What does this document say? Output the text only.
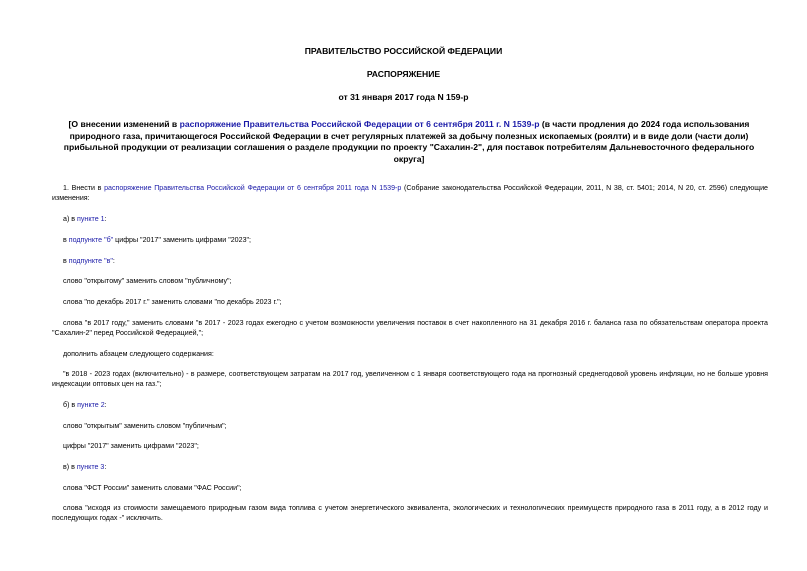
ПРАВИТЕЛЬСТВО РОССИЙСКОЙ ФЕДЕРАЦИИ
РАСПОРЯЖЕНИЕ
от 31 января 2017 года N 159-р
[О внесении изменений в распоряжение Правительства Российской Федерации от 6 сентября 2011 г. N 1539-р (в части продления до 2024 года использования природного газа, причитающегося Российской Федерации в счет регулярных платежей за добычу полезных ископаемых (роялти) и в виде доли (части доли) прибыльной продукции от реализации соглашения о разделе продукции по проекту "Сахалин-2", для поставок потребителям Дальневосточного федерального округа]
1. Внести в распоряжение Правительства Российской Федерации от 6 сентября 2011 года N 1539-р (Собрание законодательства Российской Федерации, 2011, N 38, ст. 5401; 2014, N 20, ст. 2596) следующие изменения:
а) в пункте 1:
в подпункте "б" цифры "2017" заменить цифрами "2023";
в подпункте "в":
слово "открытому" заменить словом "публичному";
слова "по декабрь 2017 г." заменить словами "по декабрь 2023 г.";
слова "в 2017 году," заменить словами "в 2017 - 2023 годах ежегодно с учетом возможности увеличения поставок в счет накопленного на 31 декабря 2016 г. баланса газа по обязательствам оператора проекта "Сахалин-2" перед Российской Федерацией,";
дополнить абзацем следующего содержания:
"в 2018 - 2023 годах (включительно) - в размере, соответствующем затратам на 2017 год, увеличенном с 1 января соответствующего года на прогнозный среднегодовой уровень инфляции, но не больше уровня индексации оптовых цен на газ.";
б) в пункте 2:
слово "открытым" заменить словом "публичным";
цифры "2017" заменить цифрами "2023";
в) в пункте 3:
слова "ФСТ России" заменить словами "ФАС России";
слова "исходя из стоимости замещаемого природным газом вида топлива с учетом энергетического эквивалента, экологических и технологических преимуществ природного газа в 2011 году, а в 2012 году и последующих годах -" исключить.
